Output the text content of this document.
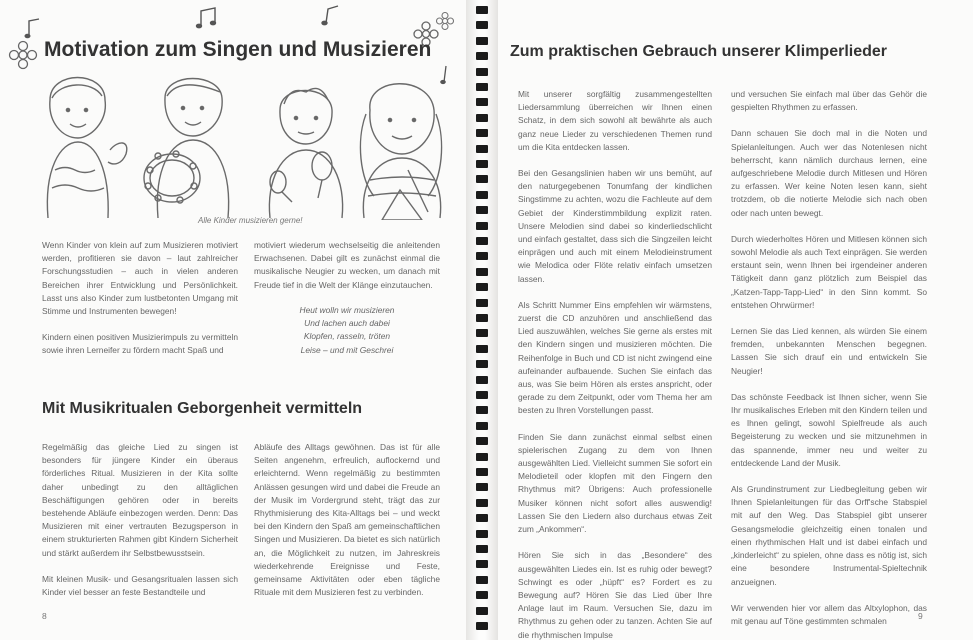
Motivation zum Singen und Musizieren
Alle Kinder musizieren gerne!

Wenn Kinder von klein auf zum Musizieren motiviert werden, profitieren sie davon – laut zahlreicher Forschungsstudien – auch in vielen anderen Bereichen ihrer Entwicklung und Persönlichkeit. Lasst uns also Kinder zum lustbetonten Umgang mit Stimme und Instrumenten bewegen!

Kindern einen positiven Musizierimpuls zu vermitteln sowie ihren Lerneifer zu fördern macht Spaß und

motiviert wiederum wechselseitig die anleitenden Erwachsenen. Dabei gilt es zunächst einmal die musikalische Neugier zu wecken, um danach mit Freude tief in die Welt der Klänge einzutauchen.

Heut wolln wir musizieren
Und lachen auch dabei
Klopfen, rasseln, tröten
Leise – und mit Geschrei
Mit Musikritualen Geborgenheit vermitteln

Regelmäßig das gleiche Lied zu singen ist besonders für jüngere Kinder ein überaus förderliches Ritual. Musizieren in der Kita sollte daher unbedingt zu den alltäglichen Beschäftigungen gehören oder in bereits bestehende Abläufe einbezogen werden. Denn: Das Musizieren mit einer vertrauten Bezugsperson in einem strukturierten Rahmen gibt Kindern Sicherheit und stärkt außerdem ihr Selbstbewusstsein.

Mit kleinen Musik- und Gesangsritualen lassen sich Kinder viel besser an feste Bestandteile und

Abläufe des Alltags gewöhnen. Das ist für alle Seiten angenehm, erfreulich, auflockernd und erleichternd. Wenn regelmäßig zu bestimmten Anlässen gesungen wird und dabei die Freude an der Musik im Vordergrund steht, trägt das zur Rhythmisierung des Kita-Alltags bei – und weckt bei den Kindern den Spaß am gemeinschaftlichen Singen und Musizieren. Da bietet es sich natürlich an, die Möglichkeit zu nutzen, im Jahreskreis wiederkehrende Ereignisse und Feste, gemeinsame Aktivitäten oder eben tägliche Rituale mit dem Musizieren fest zu verbinden.

8
Zum praktischen Gebrauch unserer Klimperlieder

Mit unserer sorgfältig zusammengestellten Liedersammlung überreichen wir Ihnen einen Schatz, in dem sich sowohl alt bewährte als auch ganz neue Lieder zu verschiedenen Themen rund um die Kita entdecken lassen.

Bei den Gesangslinien haben wir uns bemüht, auf den naturgegebenen Tonumfang der kindlichen Singstimme zu achten, wozu die Fachleute auf dem Gebiet der Kinderstimmbildung explizit raten. Unsere Melodien sind dabei so kinderliedschlicht und einfach gestaltet, dass sich die Singzeilen leicht einprägen und auch mit einem Melodieinstrument wie Melodica oder Flöte relativ einfach umsetzen lassen.

Als Schritt Nummer Eins empfehlen wir wärmstens, zuerst die CD anzuhören und anschließend das Lied auszuwählen, welches Sie gerne als erstes mit den Kindern singen und musizieren möchten. Die Reihenfolge in Buch und CD ist nicht zwingend eine aufeinander aufbauende. Suchen Sie einfach das aus, was Sie beim Hören als erstes anspricht, oder gerade zu dem Zeitpunkt, oder vom Thema her am besten zu Ihren Vorstellungen passt.

Finden Sie dann zunächst einmal selbst einen spielerischen Zugang zu dem von Ihnen ausgewählten Lied. Vielleicht summen Sie sofort ein Melodieteil oder klopfen mit den Fingern den Rhythmus mit? Übrigens: Auch professionelle Musiker können nicht sofort alles auswendig! Lassen Sie den Liedern also durchaus etwas Zeit zum „Ankommen“.

Hören Sie sich in das „Besondere“ des ausgewählten Liedes ein. Ist es ruhig oder bewegt? Schwingt es oder „hüpft“ es? Fordert es zu Bewegung auf? Hören Sie das Lied über Ihre Anlage laut im Raum. Versuchen Sie, dazu im Rhythmus zu gehen oder zu tanzen. Achten Sie auf die rhythmischen Impulse

und versuchen Sie einfach mal über das Gehör die gespielten Rhythmen zu erfassen.

Dann schauen Sie doch mal in die Noten und Spielanleitungen. Auch wer das Notenlesen nicht beherrscht, kann nämlich durchaus lernen, eine aufgeschriebene Melodie durch Mitlesen und Hören zu erfassen. Wer keine Noten lesen kann, sieht trotzdem, ob die notierte Melodie sich nach oben oder nach unten bewegt.

Durch wiederholtes Hören und Mitlesen können sich sowohl Melodie als auch Text einprägen. Sie werden erstaunt sein, wenn Ihnen bei irgendeiner anderen Tätigkeit dann ganz plötzlich zum Beispiel das „Katzen-Tapp-Tapp-Lied“ in den Sinn kommt. So entstehen Ohrwürmer!

Lernen Sie das Lied kennen, als würden Sie einem fremden, unbekannten Menschen begegnen. Lassen Sie sich drauf ein und entwickeln Sie Neugier!

Das schönste Feedback ist Ihnen sicher, wenn Sie Ihr musikalisches Erleben mit den Kindern teilen und es Ihnen gelingt, sowohl Spielfreude als auch Begeisterung zu wecken und sie mitzunehmen in das spannende, immer neu und weiter zu entdeckende Land der Musik.

Als Grundinstrument zur Liedbegleitung geben wir Ihnen Spielanleitungen für das Orff'sche Stabspiel mit auf den Weg. Das Stabspiel gibt unserer Gesangsmelodie gleichzeitig einen tonalen und einen rhythmischen Halt und ist dabei einfach und „kinderleicht“ zu spielen, ohne dass es nötig ist, sich eine besondere Instrumental-Spieltechnik anzueignen.

Wir verwenden hier vor allem das Altxylophon, das mit genau auf Töne gestimmten schmalen	9
